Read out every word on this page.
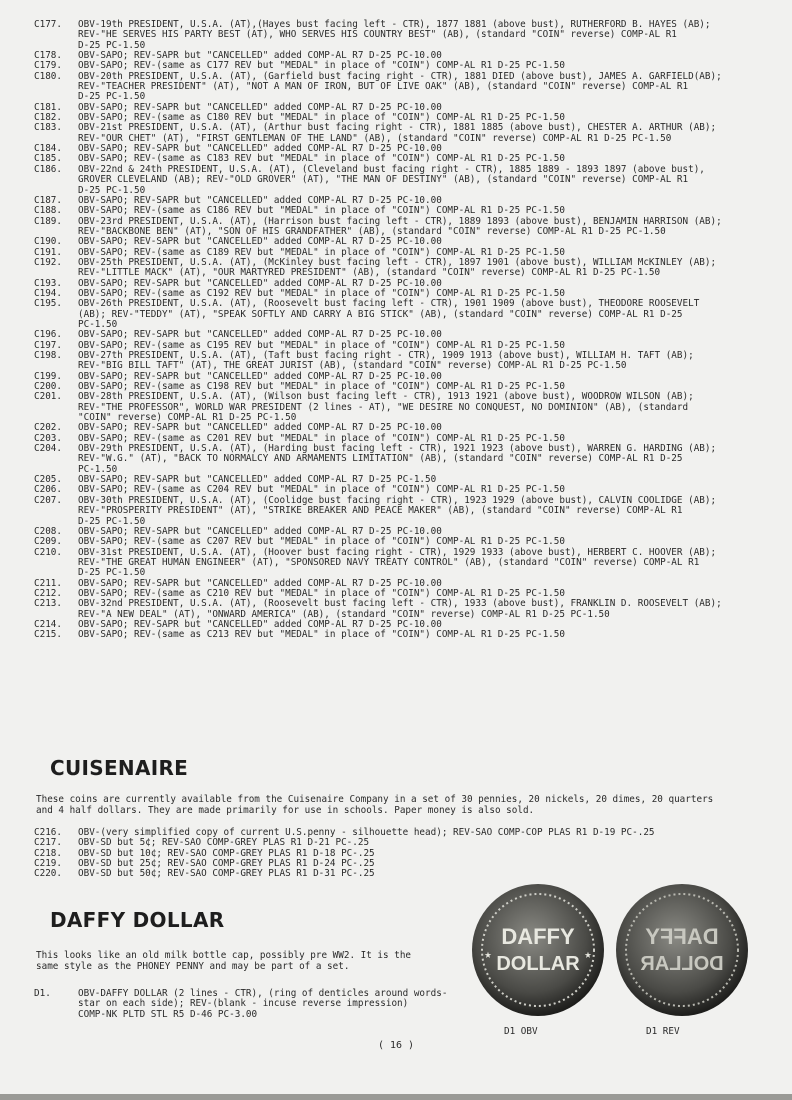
C177.	OBV-19th PRESIDENT, U.S.A. (AT),(Hayes bust facing left - CTR), 1877 1881 (above bust), RUTHERFORD B. HAYES (AB);
REV-"HE SERVES HIS PARTY BEST (AT), WHO SERVES HIS COUNTRY BEST" (AB), (standard "COIN" reverse) COMP-AL R1
D-25 PC-1.50
C178.	OBV-SAPO; REV-SAPR but "CANCELLED" added COMP-AL R7 D-25 PC-10.00
C179.	OBV-SAPO; REV-(same as C177 REV but "MEDAL" in place of "COIN") COMP-AL R1 D-25 PC-1.50
C180.	OBV-20th PRESIDENT, U.S.A. (AT), (Garfield bust facing right - CTR), 1881 DIED (above bust), JAMES A. GARFIELD(AB);
REV-"TEACHER PRESIDENT" (AT), "NOT A MAN OF IRON, BUT OF LIVE OAK" (AB), (standard "COIN" reverse) COMP-AL R1
D-25 PC-1.50
C181.	OBV-SAPO; REV-SAPR but "CANCELLED" added COMP-AL R7 D-25 PC-10.00
C182.	OBV-SAPO; REV-(same as C180 REV but "MEDAL" in place of "COIN") COMP-AL R1 D-25 PC-1.50
C183.	OBV-21st PRESIDENT, U.S.A. (AT), (Arthur bust facing right - CTR), 1881 1885 (above bust), CHESTER A. ARTHUR (AB);
REV-"OUR CHET" (AT), "FIRST GENTLEMAN OF THE LAND" (AB), (standard "COIN" reverse) COMP-AL R1 D-25 PC-1.50
C184.	OBV-SAPO; REV-SAPR but "CANCELLED" added COMP-AL R7 D-25 PC-10.00
C185.	OBV-SAPO; REV-(same as C183 REV but "MEDAL" in place of "COIN") COMP-AL R1 D-25 PC-1.50
C186.	OBV-22nd & 24th PRESIDENT, U.S.A. (AT), (Cleveland bust facing right - CTR), 1885 1889 - 1893 1897 (above bust),
GROVER CLEVELAND (AB); REV-"OLD GROVER" (AT), "THE MAN OF DESTINY" (AB), (standard "COIN" reverse) COMP-AL R1
D-25 PC-1.50
C187.	OBV-SAPO; REV-SAPR but "CANCELLED" added COMP-AL R7 D-25 PC-10.00
C188.	OBV-SAPO; REV-(same as C186 REV but "MEDAL" in place of "COIN") COMP-AL R1 D-25 PC-1.50
C189.	OBV-23rd PRESIDENT, U.S.A. (AT), (Harrison bust facing left - CTR), 1889 1893 (above bust), BENJAMIN HARRISON (AB);
REV-"BACKBONE BEN" (AT), "SON OF HIS GRANDFATHER" (AB), (standard "COIN" reverse) COMP-AL R1 D-25 PC-1.50
C190.	OBV-SAPO; REV-SAPR but "CANCELLED" added COMP-AL R7 D-25 PC-10.00
C191.	OBV-SAPO; REV-(same as C189 REV but "MEDAL" in place of "COIN") COMP-AL R1 D-25 PC-1.50
C192.	OBV-25th PRESIDENT, U.S.A. (AT), (McKinley bust facing left - CTR), 1897 1901 (above bust), WILLIAM McKINLEY (AB);
REV-"LITTLE MACK" (AT), "OUR MARTYRED PRESIDENT" (AB), (standard "COIN" reverse) COMP-AL R1 D-25 PC-1.50
C193.	OBV-SAPO; REV-SAPR but "CANCELLED" added COMP-AL R7 D-25 PC-10.00
C194.	OBV-SAPO; REV-(same as C192 REV but "MEDAL" in place of "COIN") COMP-AL R1 D-25 PC-1.50
C195.	OBV-26th PRESIDENT, U.S.A. (AT), (Roosevelt bust facing left - CTR), 1901 1909 (above bust), THEODORE ROOSEVELT
(AB); REV-"TEDDY" (AT), "SPEAK SOFTLY AND CARRY A BIG STICK" (AB), (standard "COIN" reverse) COMP-AL R1 D-25
PC-1.50
C196.	OBV-SAPO; REV-SAPR but "CANCELLED" added COMP-AL R7 D-25 PC-10.00
C197.	OBV-SAPO; REV-(same as C195 REV but "MEDAL" in place of "COIN") COMP-AL R1 D-25 PC-1.50
C198.	OBV-27th PRESIDENT, U.S.A. (AT), (Taft bust facing right - CTR), 1909 1913 (above bust), WILLIAM H. TAFT (AB);
REV-"BIG BILL TAFT" (AT), THE GREAT JURIST (AB), (standard "COIN" reverse) COMP-AL R1 D-25 PC-1.50
C199.	OBV-SAPO; REV-SAPR but "CANCELLED" added COMP-AL R7 D-25 PC-10.00
C200.	OBV-SAPO; REV-(same as C198 REV but "MEDAL" in place of "COIN") COMP-AL R1 D-25 PC-1.50
C201.	OBV-28th PRESIDENT, U.S.A. (AT), (Wilson bust facing left - CTR), 1913 1921 (above bust), WOODROW WILSON (AB);
REV-"THE PROFESSOR", WORLD WAR PRESIDENT (2 lines - AT), "WE DESIRE NO CONQUEST, NO DOMINION" (AB), (standard
"COIN" reverse) COMP-AL R1 D-25 PC-1.50
C202.	OBV-SAPO; REV-SAPR but "CANCELLED" added COMP-AL R7 D-25 PC-10.00
C203.	OBV-SAPO; REV-(same as C201 REV but "MEDAL" in place of "COIN") COMP-AL R1 D-25 PC-1.50
C204.	OBV-29th PRESIDENT, U.S.A. (AT), (Harding bust facing left - CTR), 1921 1923 (above bust), WARREN G. HARDING (AB);
REV-"W.G." (AT), "BACK TO NORMALCY AND ARMAMENTS LIMITATION" (AB), (standard "COIN" reverse) COMP-AL R1 D-25
PC-1.50
C205.	OBV-SAPO; REV-SAPR but "CANCELLED" added COMP-AL R7 D-25 PC-1.50
C206.	OBV-SAPO; REV-(same as C204 REV but "MEDAL" in place of "COIN") COMP-AL R1 D-25 PC-1.50
C207.	OBV-30th PRESIDENT, U.S.A. (AT), (Coolidge bust facing right - CTR), 1923 1929 (above bust), CALVIN COOLIDGE (AB);
REV-"PROSPERITY PRESIDENT" (AT), "STRIKE BREAKER AND PEACE MAKER" (AB), (standard "COIN" reverse) COMP-AL R1
D-25 PC-1.50
C208.	OBV-SAPO; REV-SAPR but "CANCELLED" added COMP-AL R7 D-25 PC-10.00
C209.	OBV-SAPO; REV-(same as C207 REV but "MEDAL" in place of "COIN") COMP-AL R1 D-25 PC-1.50
C210.	OBV-31st PRESIDENT, U.S.A. (AT), (Hoover bust facing right - CTR), 1929 1933 (above bust), HERBERT C. HOOVER (AB);
REV-"THE GREAT HUMAN ENGINEER" (AT), "SPONSORED NAVY TREATY CONTROL" (AB), (standard "COIN" reverse) COMP-AL R1
D-25 PC-1.50
C211.	OBV-SAPO; REV-SAPR but "CANCELLED" added COMP-AL R7 D-25 PC-10.00
C212.	OBV-SAPO; REV-(same as C210 REV but "MEDAL" in place of "COIN") COMP-AL R1 D-25 PC-1.50
C213.	OBV-32nd PRESIDENT, U.S.A. (AT), (Roosevelt bust facing left - CTR), 1933 (above bust), FRANKLIN D. ROOSEVELT (AB);
REV-"A NEW DEAL" (AT), "ONWARD AMERICA" (AB), (standard "COIN" reverse) COMP-AL R1 D-25 PC-1.50
C214.	OBV-SAPO; REV-SAPR but "CANCELLED" added COMP-AL R7 D-25 PC-10.00
C215.	OBV-SAPO; REV-(same as C213 REV but "MEDAL" in place of "COIN") COMP-AL R1 D-25 PC-1.50
CUISENAIRE

These coins are currently available from the Cuisenaire Company in a set of 30 pennies, 20 nickels, 20 dimes, 20 quarters
and 4 half dollars. They are made primarily for use in schools. Paper money is also sold.

C216.	OBV-(very simplified copy of current U.S.penny - silhouette head); REV-SAO COMP-COP PLAS R1 D-19 PC-.25
C217.	OBV-SD but 5¢; REV-SAO COMP-GREY PLAS R1 D-21 PC-.25
C218.	OBV-SD but 10¢; REV-SAO COMP-GREY PLAS R1 D-18 PC-.25
C219.	OBV-SD but 25¢; REV-SAO COMP-GREY PLAS R1 D-24 PC-.25
C220.	OBV-SD but 50¢; REV-SAO COMP-GREY PLAS R1 D-31 PC-.25
DAFFY DOLLAR

This looks like an old milk bottle cap, possibly pre WW2. It is the
same style as the PHONEY PENNY and may be part of a set.

D1.	OBV-DAFFY DOLLAR (2 lines - CTR), (ring of denticles around words-
star on each side); REV-(blank - incuse reverse impression)
COMP-NK PLTD STL R5 D-46 PC-3.00
DAFFY
DOLLAR
★	★
DAFFY
DOLLAR
D1 OBV	D1 REV
( 16 )
